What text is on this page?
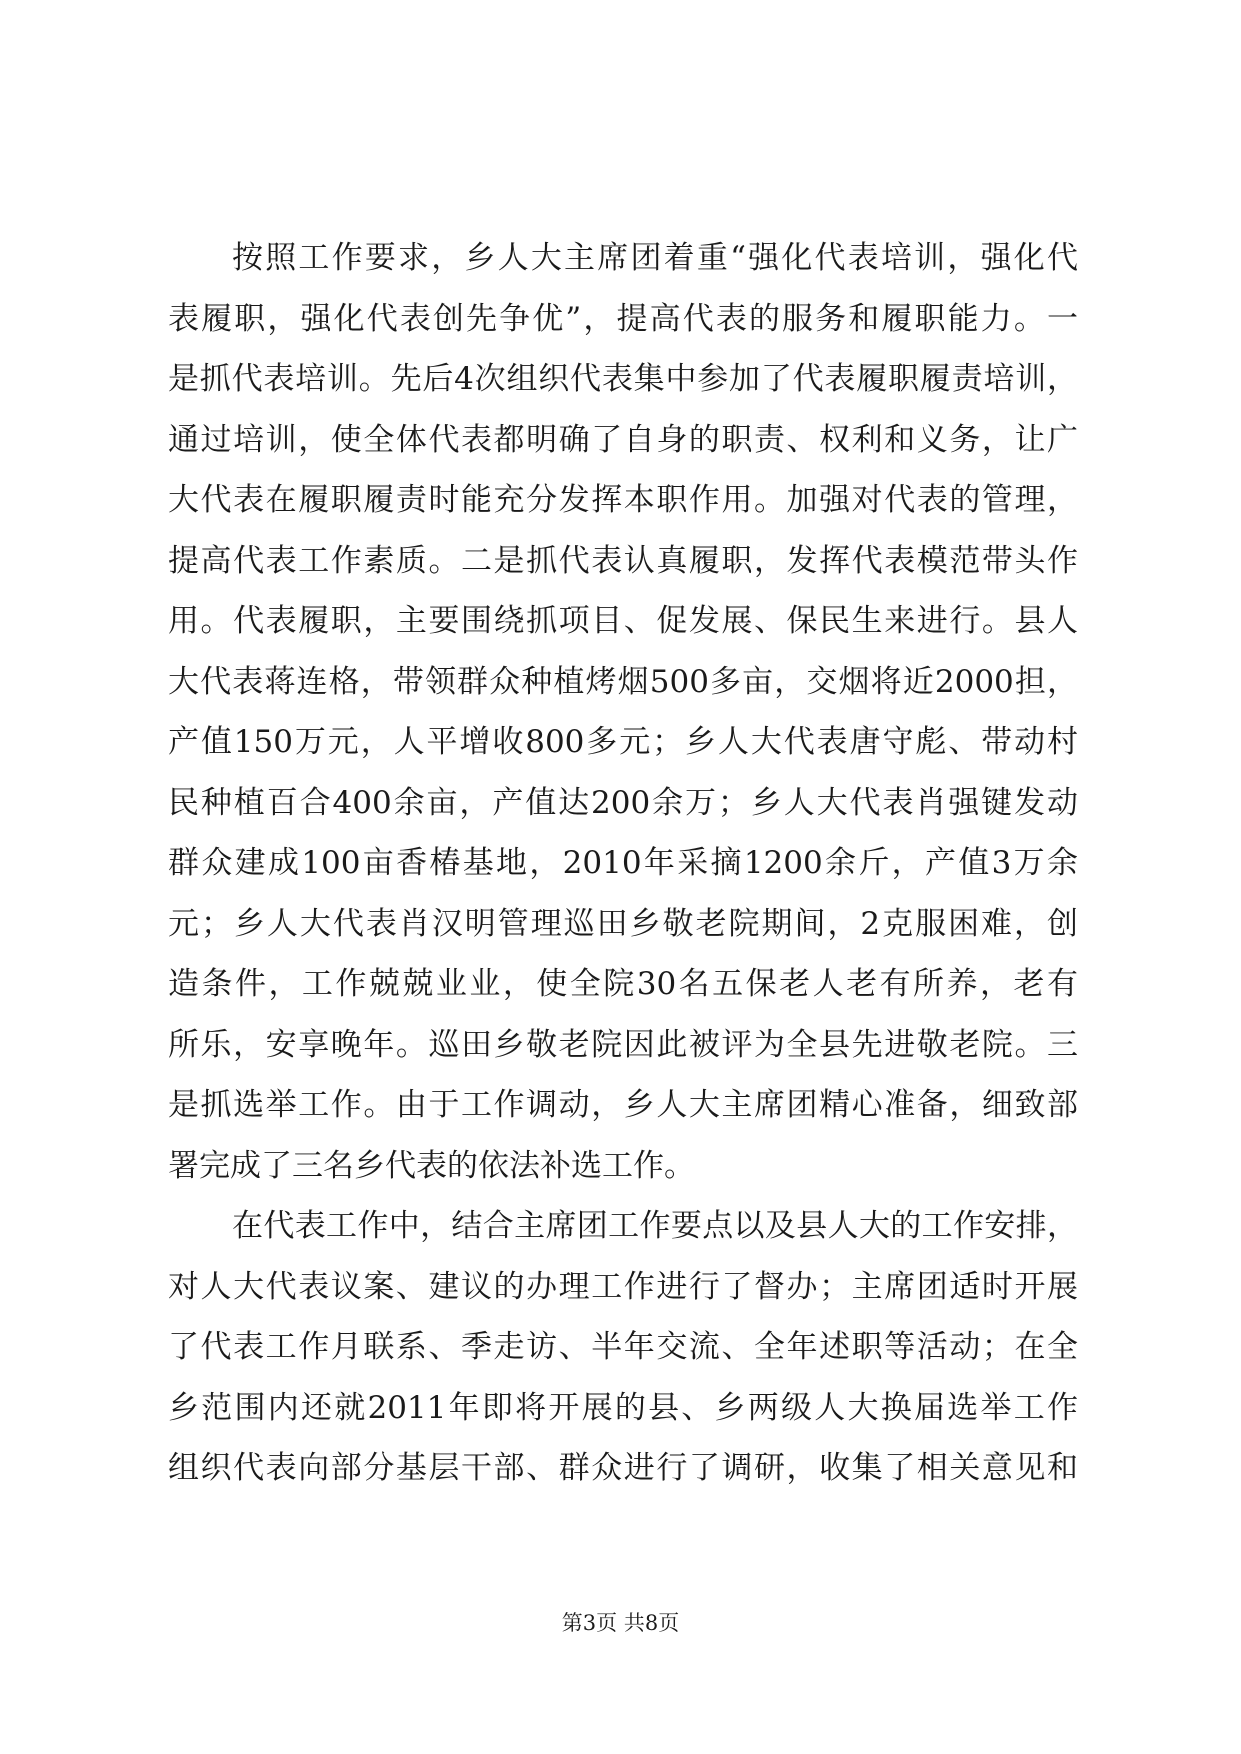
按照工作要求，乡人大主席团着重“强化代表培训，强化代
表履职，强化代表创先争优”，提高代表的服务和履职能力。一
是抓代表培训。先后4次组织代表集中参加了代表履职履责培训，
通过培训，使全体代表都明确了自身的职责、权利和义务，让广
大代表在履职履责时能充分发挥本职作用。加强对代表的管理，
提高代表工作素质。二是抓代表认真履职，发挥代表模范带头作
用。代表履职，主要围绕抓项目、促发展、保民生来进行。县人
大代表蒋连格，带领群众种植烤烟500多亩，交烟将近2000担，
产值150万元，人平增收800多元；乡人大代表唐守彪、带动村
民种植百合400余亩，产值达200余万；乡人大代表肖强键发动
群众建成100亩香椿基地，2010年采摘1200余斤，产值3万余
元；乡人大代表肖汉明管理巡田乡敬老院期间，2克服困难，创
造条件，工作兢兢业业，使全院30名五保老人老有所养，老有
所乐，安享晚年。巡田乡敬老院因此被评为全县先进敬老院。三
是抓选举工作。由于工作调动，乡人大主席团精心准备，细致部
署完成了三名乡代表的依法补选工作。
在代表工作中，结合主席团工作要点以及县人大的工作安排，
对人大代表议案、建议的办理工作进行了督办；主席团适时开展
了代表工作月联系、季走访、半年交流、全年述职等活动；在全
乡范围内还就2011年即将开展的县、乡两级人大换届选举工作
组织代表向部分基层干部、群众进行了调研，收集了相关意见和
第3页 共8页
